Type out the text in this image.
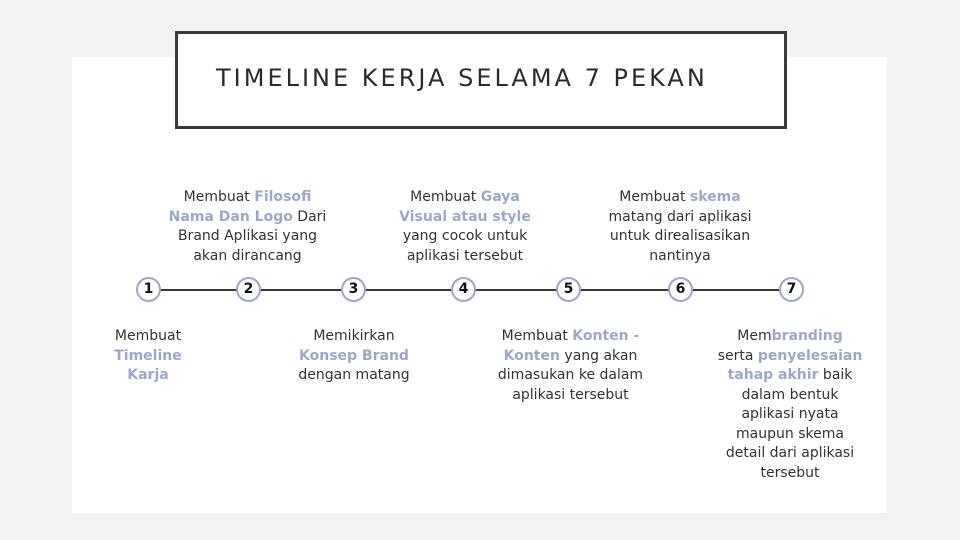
TIMELINE KERJA SELAMA 7 PEKAN
1	2	3	4	5	6	7
Membuat Filosofi
Nama Dan Logo Dari
Brand Aplikasi yang
akan dirancang
Membuat Gaya
Visual atau style
yang cocok untuk
aplikasi tersebut
Membuat skema
matang dari aplikasi
untuk direalisasikan
nantinya
Membuat
Timeline
Karja
Memikirkan
Konsep Brand
dengan matang
Membuat Konten -
Konten yang akan
dimasukan ke dalam
aplikasi tersebut
Membranding
serta penyelesaian
tahap akhir baik
dalam bentuk
aplikasi nyata
maupun skema
detail dari aplikasi
tersebut
